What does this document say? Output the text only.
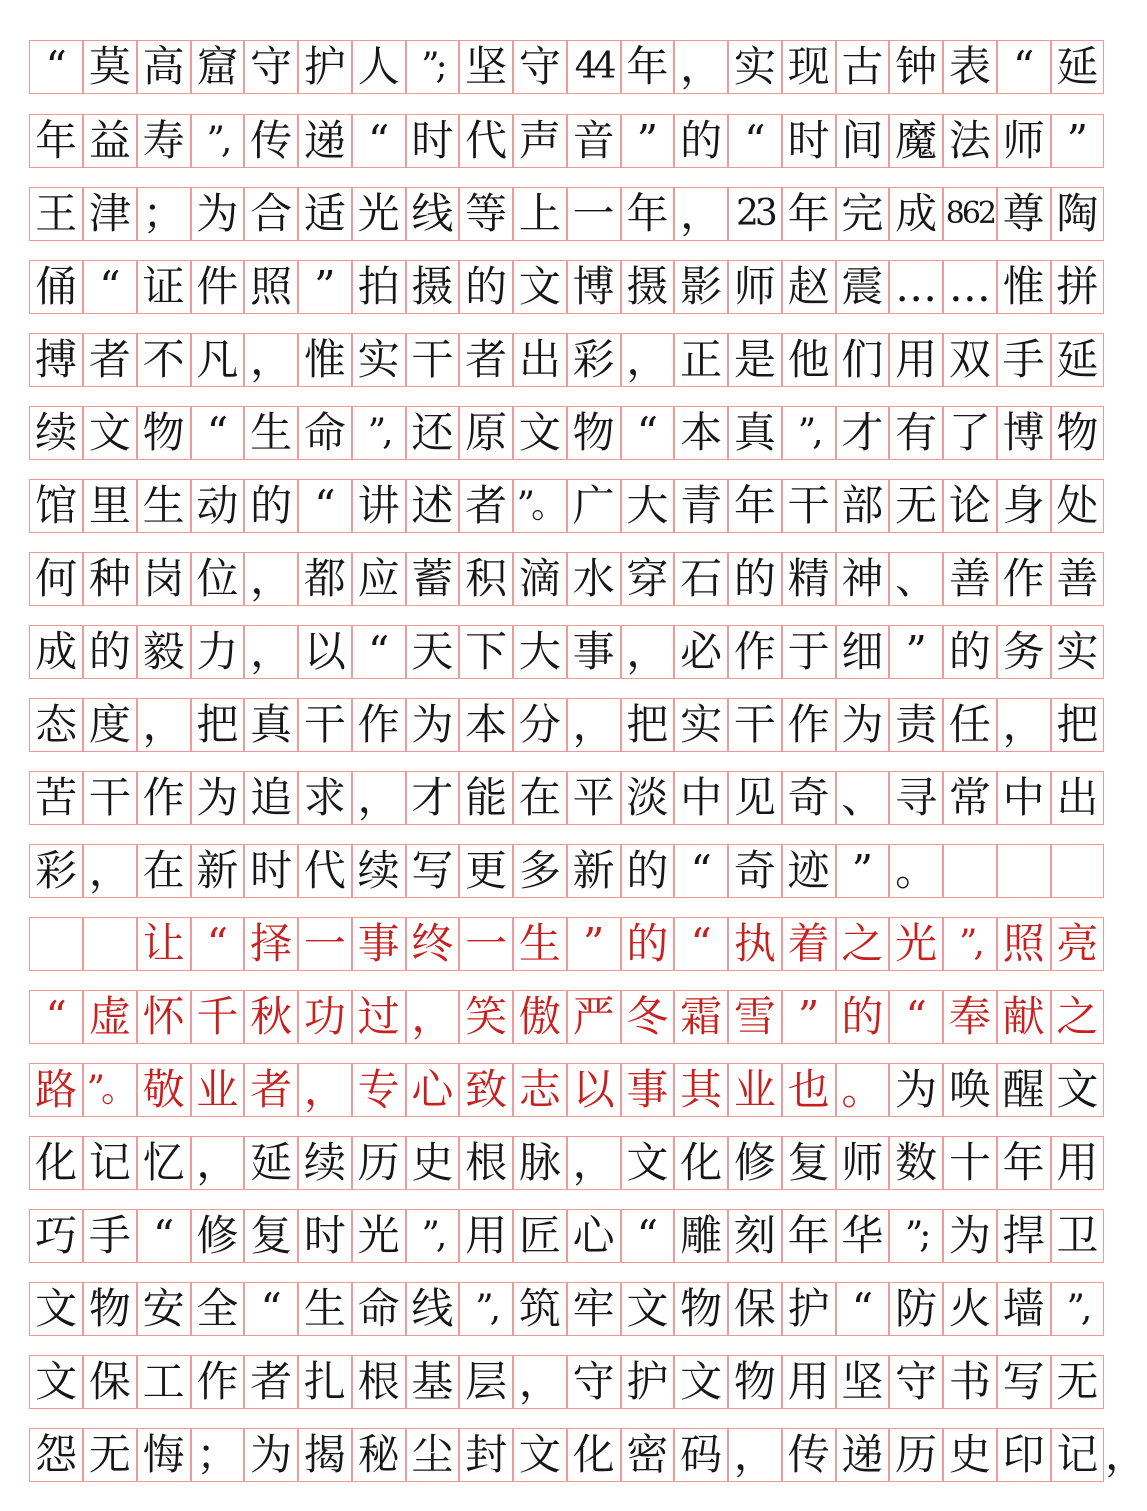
“ 莫 高 窟 守 护 人 ”; 坚 守 44 年 ， 实 现 古 钟 表 “ 延
年 益 寿 ”, 传 递 “ 时 代 声 音 ” 的 “ 时 间 魔 法 师 ”
王 津 ； 为 合 适 光 线 等 上 一 年 ， 23 年 完 成 862 尊 陶
俑 “ 证 件 照 ” 拍 摄 的 文 博 摄 影 师 赵 震 … … 惟 拼
搏 者 不 凡 ， 惟 实 干 者 出 彩 ， 正 是 他 们 用 双 手 延
续 文 物 “ 生 命 ”, 还 原 文 物 “ 本 真 ”, 才 有 了 博 物
馆 里 生 动 的 “ 讲 述 者 ”。 广 大 青 年 干 部 无 论 身 处
何 种 岗 位 ， 都 应 蓄 积 滴 水 穿 石 的 精 神 、 善 作 善
成 的 毅 力 ， 以 “ 天 下 大 事 ， 必 作 于 细 ” 的 务 实
态 度 ， 把 真 干 作 为 本 分 ， 把 实 干 作 为 责 任 ， 把
苦 干 作 为 追 求 ， 才 能 在 平 淡 中 见 奇 、 寻 常 中 出
彩 ， 在 新 时 代 续 写 更 多 新 的 “ 奇 迹 ” 。
让 “ 择 一 事 终 一 生 ” 的 “ 执 着 之 光 ”, 照 亮
“ 虚 怀 千 秋 功 过 ， 笑 傲 严 冬 霜 雪 ” 的 “ 奉 献 之
路 ”。 敬 业 者 ， 专 心 致 志 以 事 其 业 也 。 为 唤 醒 文
化 记 忆 ， 延 续 历 史 根 脉 ， 文 化 修 复 师 数 十 年 用
巧 手 “ 修 复 时 光 ”, 用 匠 心 “ 雕 刻 年 华 ”; 为 捍 卫
文 物 安 全 “ 生 命 线 ”, 筑 牢 文 物 保 护 “ 防 火 墙 ”,
文 保 工 作 者 扎 根 基 层 ， 守 护 文 物 用 坚 守 书 写 无
怨 无 悔 ； 为 揭 秘 尘 封 文 化 密 码 ， 传 递 历 史 印 记 ，
